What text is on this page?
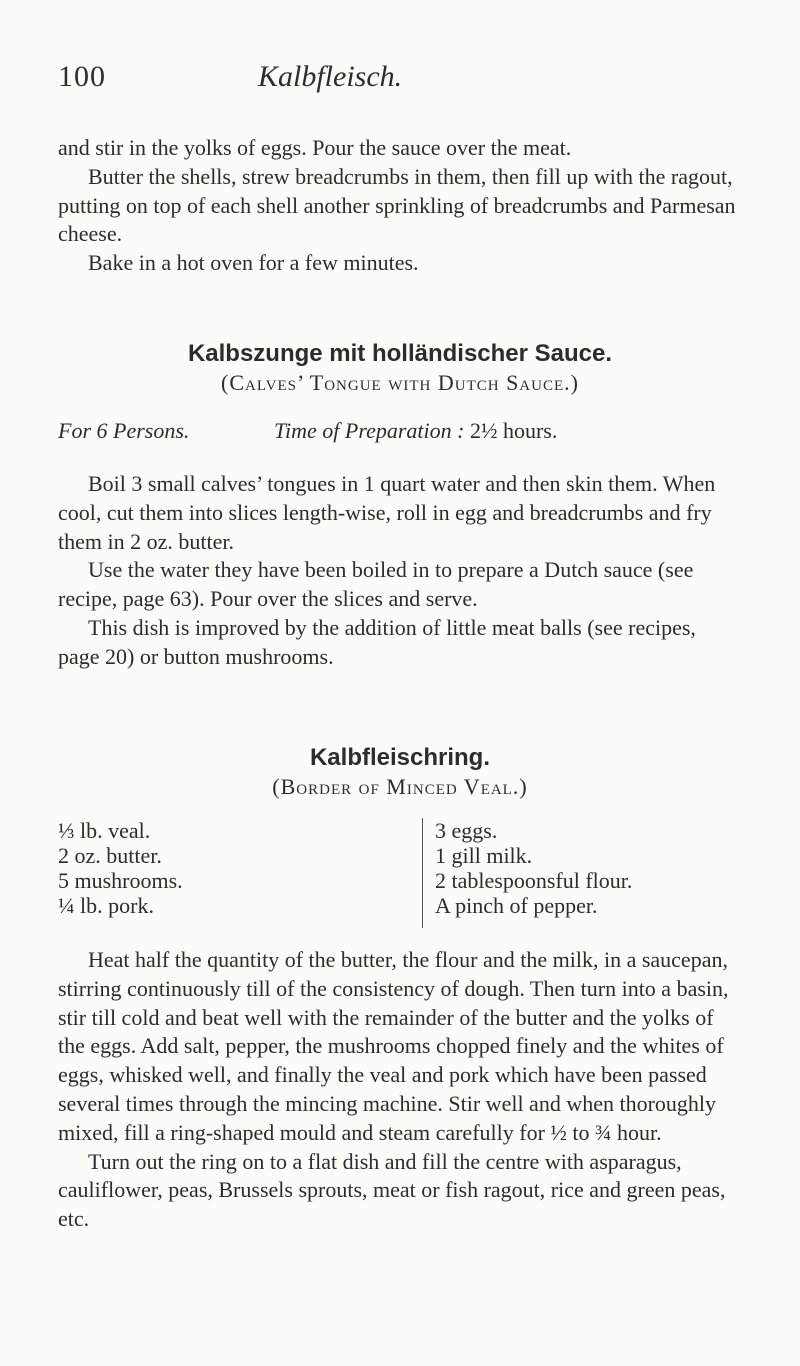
100	Kalbfleisch.

and stir in the yolks of eggs. Pour the sauce over the meat.

Butter the shells, strew breadcrumbs in them, then fill up with the ragout, putting on top of each shell another sprinkling of breadcrumbs and Parmesan cheese.

Bake in a hot oven for a few minutes.

Kalbszunge mit holländischer Sauce.
(Calves’ Tongue with Dutch Sauce.)
For 6 Persons.	Time of Preparation : 2½ hours.

Boil 3 small calves’ tongues in 1 quart water and then skin them. When cool, cut them into slices length-wise, roll in egg and breadcrumbs and fry them in 2 oz. butter.

Use the water they have been boiled in to prepare a Dutch sauce (see recipe, page 63). Pour over the slices and serve.

This dish is improved by the addition of little meat balls (see recipes, page 20) or button mushrooms.

Kalbfleischring.
(Border of Minced Veal.)
⅓ lb. veal.
2 oz. butter.
5 mushrooms.
¼ lb. pork.
3 eggs.
1 gill milk.
2 tablespoonsful flour.
A pinch of pepper.

Heat half the quantity of the butter, the flour and the milk, in a saucepan, stirring continuously till of the consistency of dough. Then turn into a basin, stir till cold and beat well with the remainder of the butter and the yolks of the eggs. Add salt, pepper, the mushrooms chopped finely and the whites of eggs, whisked well, and finally the veal and pork which have been passed several times through the mincing machine. Stir well and when thoroughly mixed, fill a ring-shaped mould and steam carefully for ½ to ¾ hour.

Turn out the ring on to a flat dish and fill the centre with asparagus, cauliflower, peas, Brussels sprouts, meat or fish ragout, rice and green peas, etc.
